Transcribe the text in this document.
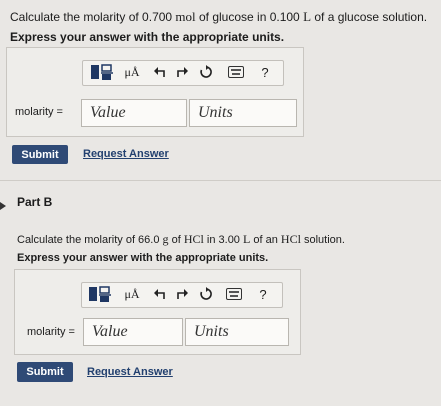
Calculate the molarity of 0.700 mol of glucose in 0.100 L of a glucose solution.
Express your answer with the appropriate units.
μÅ	?
molarity = Value	Units
Submit	Request Answer
Part B
Calculate the molarity of 66.0 g of HCl in 3.00 L of an HCl solution.
Express your answer with the appropriate units.
μÅ	?
molarity = Value	Units
Submit	Request Answer
